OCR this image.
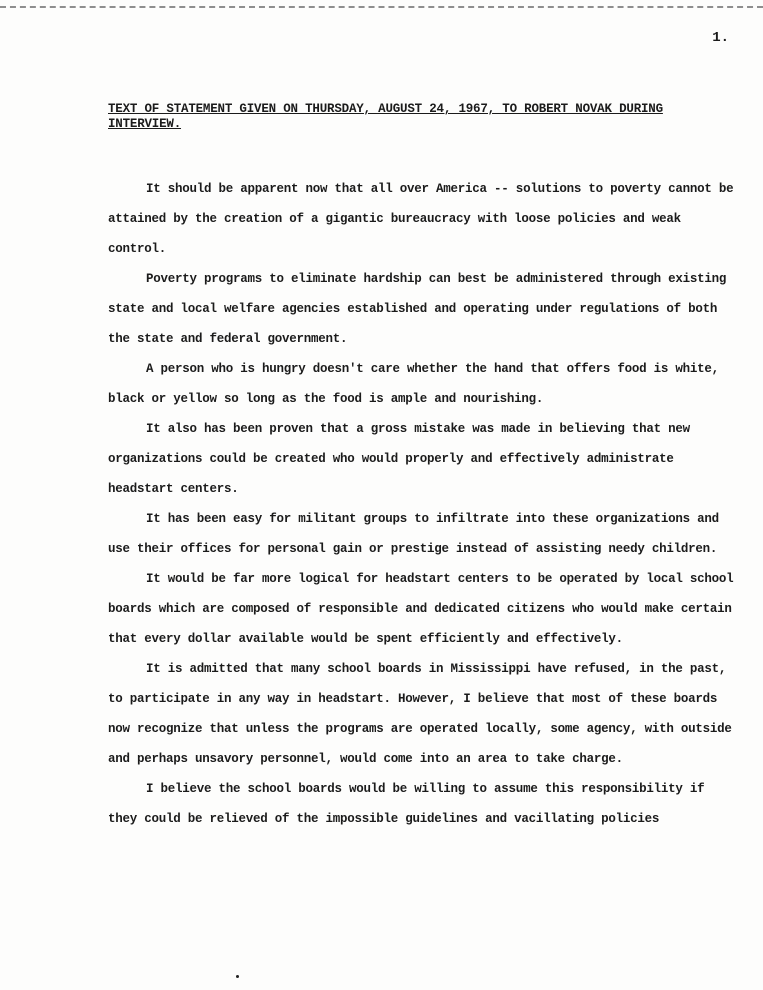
1.
TEXT OF STATEMENT GIVEN ON THURSDAY, AUGUST 24, 1967, TO ROBERT NOVAK DURING INTERVIEW.

It should be apparent now that all over America -- solutions to poverty cannot be attained by the creation of a gigantic bureaucracy with loose policies and weak control.

Poverty programs to eliminate hardship can best be administered through existing state and local welfare agencies established and operating under regulations of both the state and federal government.

A person who is hungry doesn't care whether the hand that offers food is white, black or yellow so long as the food is ample and nourishing.

It also has been proven that a gross mistake was made in believing that new organizations could be created who would properly and effectively administrate headstart centers.

It has been easy for militant groups to infiltrate into these organizations and use their offices for personal gain or prestige instead of assisting needy children.

It would be far more logical for headstart centers to be operated by local school boards which are composed of responsible and dedicated citizens who would make certain that every dollar available would be spent efficiently and effectively.

It is admitted that many school boards in Mississippi have refused, in the past, to participate in any way in headstart. However, I believe that most of these boards now recognize that unless the programs are operated locally, some agency, with outside and perhaps unsavory personnel, would come into an area to take charge.

I believe the school boards would be willing to assume this responsibility if they could be relieved of the impossible guidelines and vacillating policies
